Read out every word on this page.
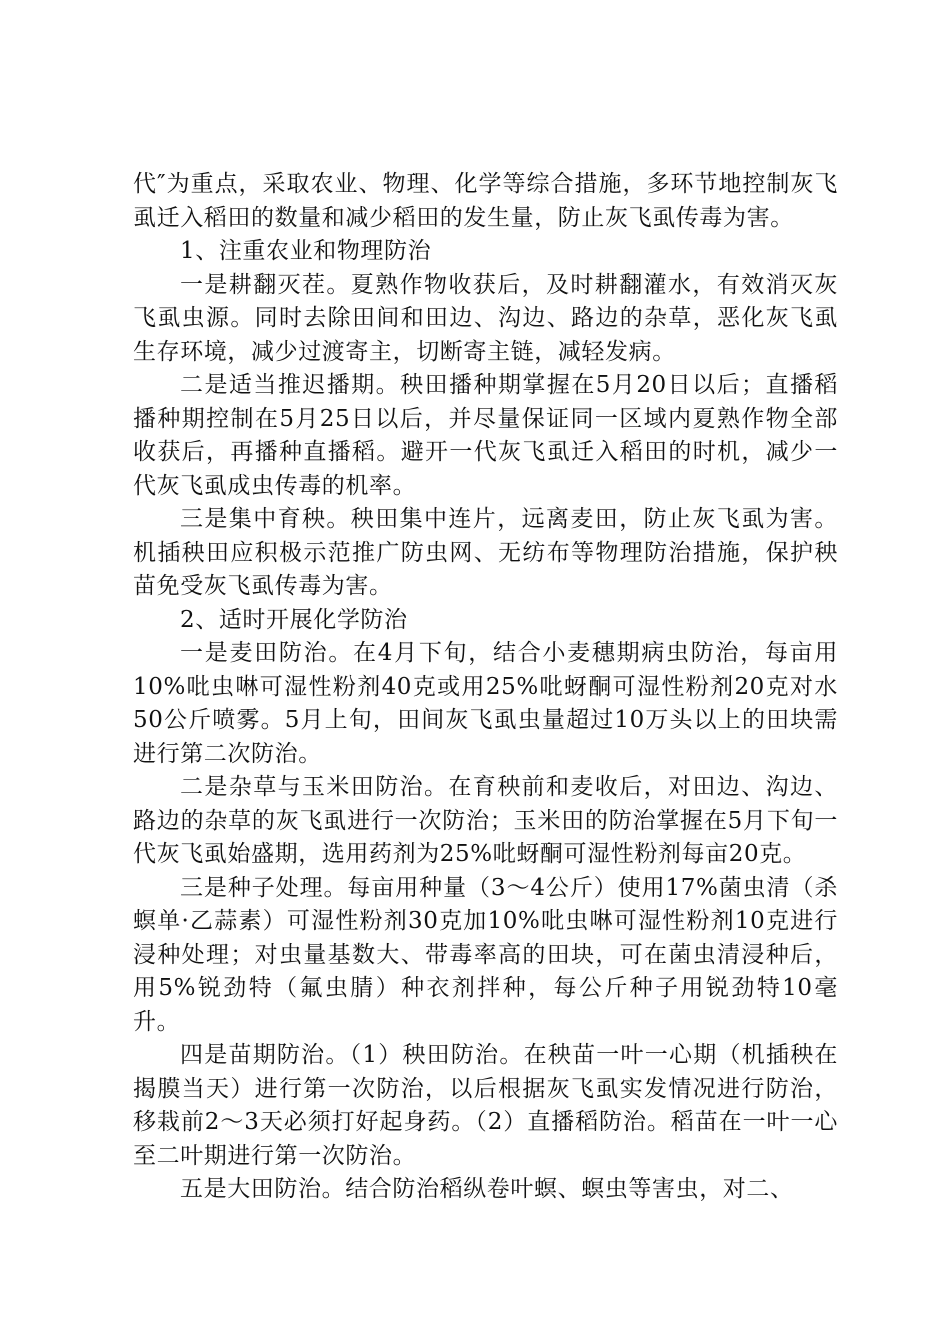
代″为重点，采取农业、物理、化学等综合措施，多环节地控制灰飞虱迁入稻田的数量和减少稻田的发生量，防止灰飞虱传毒为害。

1、注重农业和物理防治

一是耕翻灭茬。夏熟作物收获后，及时耕翻灌水，有效消灭灰飞虱虫源。同时去除田间和田边、沟边、路边的杂草，恶化灰飞虱生存环境，减少过渡寄主，切断寄主链，减轻发病。

二是适当推迟播期。秧田播种期掌握在5月20日以后；直播稻播种期控制在5月25日以后，并尽量保证同一区域内夏熟作物全部收获后，再播种直播稻。避开一代灰飞虱迁入稻田的时机，减少一代灰飞虱成虫传毒的机率。

三是集中育秧。秧田集中连片，远离麦田，防止灰飞虱为害。机插秧田应积极示范推广防虫网、无纺布等物理防治措施，保护秧苗免受灰飞虱传毒为害。

2、适时开展化学防治

一是麦田防治。在4月下旬，结合小麦穗期病虫防治，每亩用10%吡虫啉可湿性粉剂40克或用25%吡蚜酮可湿性粉剂20克对水50公斤喷雾。5月上旬，田间灰飞虱虫量超过10万头以上的田块需进行第二次防治。

二是杂草与玉米田防治。在育秧前和麦收后，对田边、沟边、路边的杂草的灰飞虱进行一次防治；玉米田的防治掌握在5月下旬一代灰飞虱始盛期，选用药剂为25%吡蚜酮可湿性粉剂每亩20克。

三是种子处理。每亩用种量（3～4公斤）使用17%菌虫清（杀螟单·乙蒜素）可湿性粉剂30克加10%吡虫啉可湿性粉剂10克进行浸种处理；对虫量基数大、带毒率高的田块，可在菌虫清浸种后，用5%锐劲特（氟虫腈）种衣剂拌种，每公斤种子用锐劲特10毫升。

四是苗期防治。（1）秧田防治。在秧苗一叶一心期（机插秧在揭膜当天）进行第一次防治，以后根据灰飞虱实发情况进行防治，移栽前2～3天必须打好起身药。（2）直播稻防治。稻苗在一叶一心至二叶期进行第一次防治。

五是大田防治。结合防治稻纵卷叶螟、螟虫等害虫，对二、
